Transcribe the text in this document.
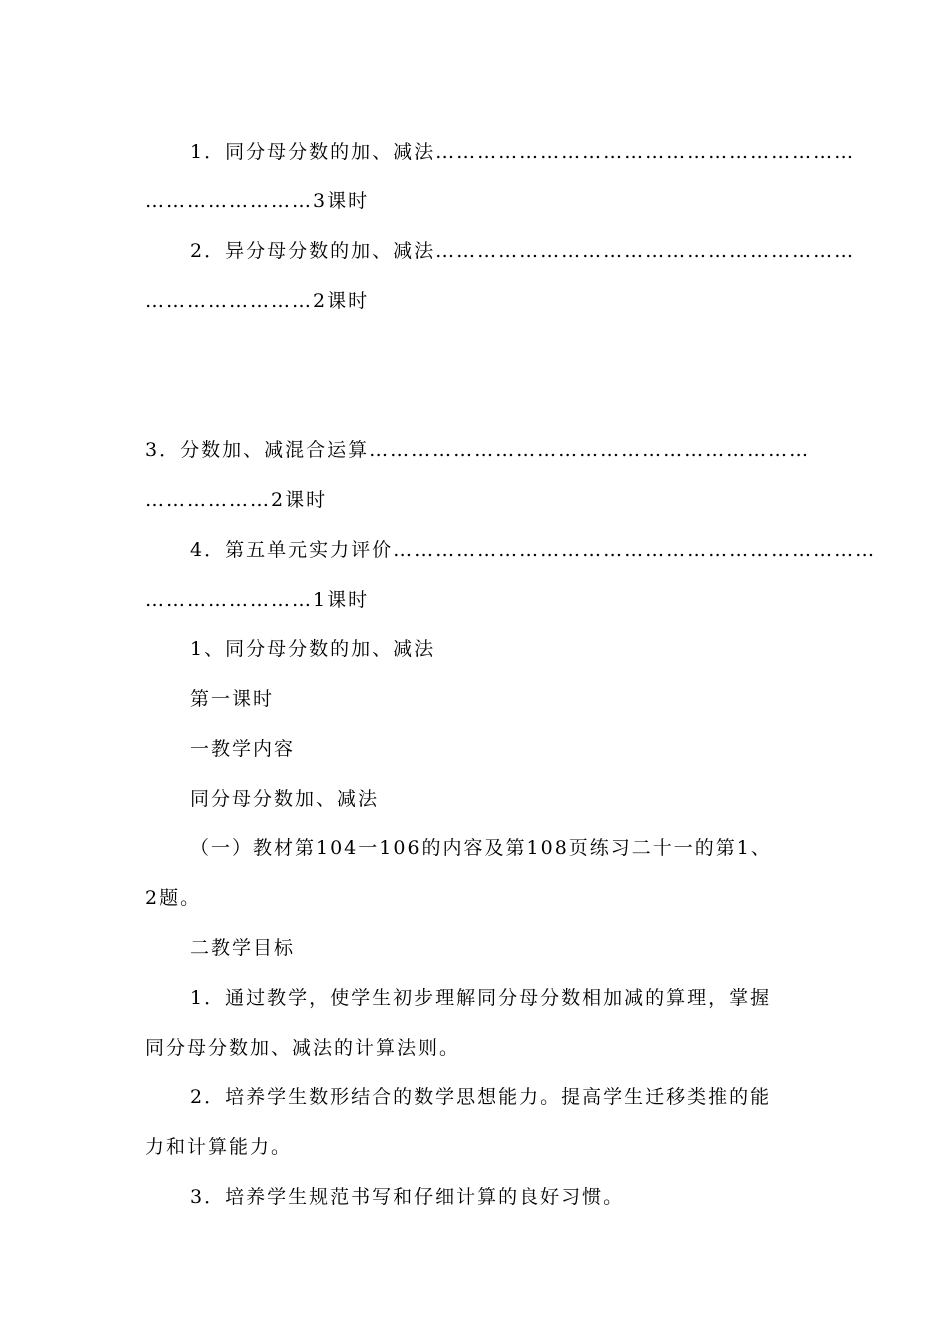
1．同分母分数的加、减法……………………………………………………
……………………3课时
2．异分母分数的加、减法……………………………………………………
……………………2课时
3．分数加、减混合运算………………………………………………………
………………2课时
4．第五单元实力评价……………………………………………………………
……………………1课时
1、同分母分数的加、减法
第一课时
一教学内容
同分母分数加、减法
（一）教材第104一106的内容及第108页练习二十一的第1、
2题。
二教学目标
1．通过教学，使学生初步理解同分母分数相加减的算理，掌握
同分母分数加、减法的计算法则。
2．培养学生数形结合的数学思想能力。提高学生迁移类推的能
力和计算能力。
3．培养学生规范书写和仔细计算的良好习惯。
